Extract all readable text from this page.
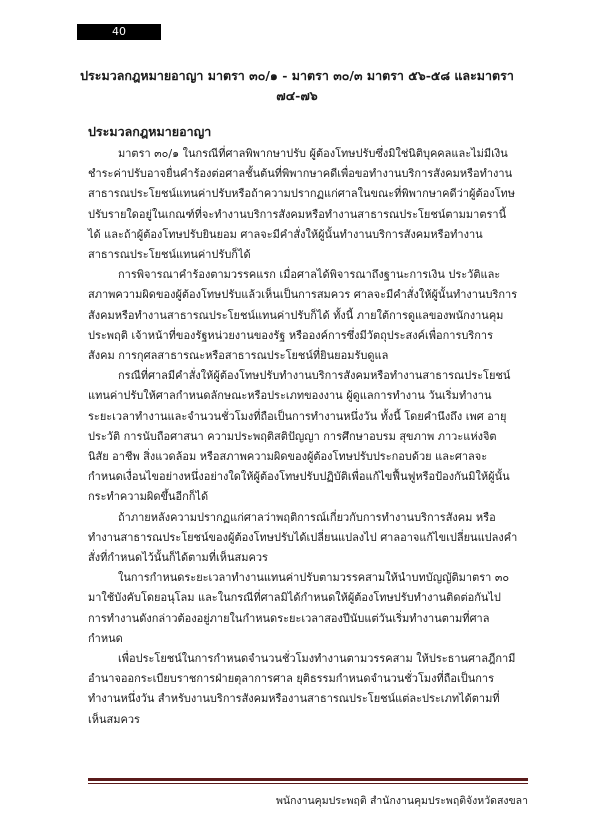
40
ประมวลกฎหมายอาญา มาตรา ๓๐/๑ - มาตรา ๓๐/๓ มาตรา ๕๖-๕๘ และมาตรา ๗๔-๗๖
ประมวลกฎหมายอาญา

มาตรา ๓๐/๑ ในกรณีที่ศาลพิพากษาปรับ ผู้ต้องโทษปรับซึ่งมิใช่นิติบุคคลและไม่มีเงินชำระค่าปรับอาจยื่นคำร้องต่อศาลชั้นต้นที่พิพากษาคดีเพื่อขอทำงานบริการสังคมหรือทำงานสาธารณประโยชน์แทนค่าปรับหรือถ้าความปรากฏแก่ศาลในขณะที่พิพากษาคดีว่าผู้ต้องโทษปรับรายใดอยู่ในเกณฑ์ที่จะทำงานบริการสังคมหรือทำงานสาธารณประโยชน์ตามมาตรานี้ได้ และถ้าผู้ต้องโทษปรับยินยอม ศาลจะมีคำสั่งให้ผู้นั้นทำงานบริการสังคมหรือทำงานสาธารณประโยชน์แทนค่าปรับก็ได้

การพิจารณาคำร้องตามวรรคแรก เมื่อศาลได้พิจารณาถึงฐานะการเงิน ประวัติและสภาพความผิดของผู้ต้องโทษปรับแล้วเห็นเป็นการสมควร ศาลจะมีคำสั่งให้ผู้นั้นทำงานบริการสังคมหรือทำงานสาธารณประโยชน์แทนค่าปรับก็ได้ ทั้งนี้ ภายใต้การดูแลของพนักงานคุมประพฤติ เจ้าหน้าที่ของรัฐหน่วยงานของรัฐ หรือองค์การซึ่งมีวัตถุประสงค์เพื่อการบริการสังคม การกุศลสาธารณะหรือสาธารณประโยชน์ที่ยินยอมรับดูแล

กรณีที่ศาลมีคำสั่งให้ผู้ต้องโทษปรับทำงานบริการสังคมหรือทำงานสาธารณประโยชน์แทนค่าปรับให้ศาลกำหนดลักษณะหรือประเภทของงาน ผู้ดูแลการทำงาน วันเริ่มทำงาน ระยะเวลาทำงานและจำนวนชั่วโมงที่ถือเป็นการทำงานหนึ่งวัน ทั้งนี้ โดยคำนึงถึง เพศ อายุ ประวัติ การนับถือศาสนา ความประพฤติสติปัญญา การศึกษาอบรม สุขภาพ ภาวะแห่งจิต นิสัย อาชีพ สิ่งแวดล้อม หรือสภาพความผิดของผู้ต้องโทษปรับประกอบด้วย และศาลจะกำหนดเงื่อนไขอย่างหนึ่งอย่างใดให้ผู้ต้องโทษปรับปฏิบัติเพื่อแก้ไขฟื้นฟูหรือป้องกันมิให้ผู้นั้นกระทำความผิดขึ้นอีกก็ได้

ถ้าภายหลังความปรากฏแก่ศาลว่าพฤติการณ์เกี่ยวกับการทำงานบริการสังคม หรือทำงานสาธารณประโยชน์ของผู้ต้องโทษปรับได้เปลี่ยนแปลงไป ศาลอาจแก้ไขเปลี่ยนแปลงคำสั่งที่กำหนดไว้นั้นก็ได้ตามที่เห็นสมควร

ในการกำหนดระยะเวลาทำงานแทนค่าปรับตามวรรคสามให้นำบทบัญญัติมาตรา ๓๐ มาใช้บังคับโดยอนุโลม และในกรณีที่ศาลมิได้กำหนดให้ผู้ต้องโทษปรับทำงานติดต่อกันไป การทำงานดังกล่าวต้องอยู่ภายในกำหนดระยะเวลาสองปีนับแต่วันเริ่มทำงานตามที่ศาลกำหนด

เพื่อประโยชน์ในการกำหนดจำนวนชั่วโมงทำงานตามวรรคสาม ให้ประธานศาลฎีกามีอำนาจออกระเบียบราชการฝ่ายตุลาการศาล ยุติธรรมกำหนดจำนวนชั่วโมงที่ถือเป็นการทำงานหนึ่งวัน สำหรับงานบริการสังคมหรืองานสาธารณประโยชน์แต่ละประเภทได้ตามที่เห็นสมควร

พนักงานคุมประพฤติ สำนักงานคุมประพฤติจังหวัดสงขลา
